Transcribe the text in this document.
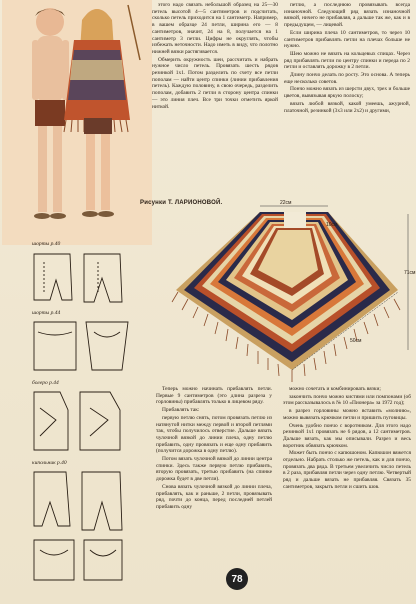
этого надо связать небольшой образец на 25—30 петель высотой 4—5 сантиметров и подсчитать, сколько петель приходится на 1 сантиметр. Например, в вашем образце 24 петли, ширина его — 8 сантиметров, значит, 24 на 8, получается на 1 сантиметр 3 петли. Цифры не округлять, чтобы избежать неточности. Надо иметь в виду, что полотно нижней вязки растягивается.

Обмерить окружность шеи, рассчитать и набрать нужное число петель. Провязать шесть рядов резинкой 1х1. Потом разделить по счету все петли пополам — найти центр спинки (линии прибавления петель). Каждую половину, в свою очередь, разделить пополам, добавить 2 петли в сторону центра спинки — это линия плеч. Все три точки отметить яркой ниткой.

петлю, а последнюю провязывать всегда изнаночной. Следующий ряд вязать изнаночной вязкой, ничего не прибавляя, а дальше так же, как и в предыдущем, — лицевой.

Если ширина плеча 10 сантиметров, то через 10 сантиметров прибавлять петли на плечах больше не нужно.

Шею можно не вязать на кольцевых спицах. Через ряд прибавлять петли по центру спинки и переда по 2 петли и оставлять дорожку в 2 петли.

Длину пончо делать по росту. Это основа. А теперь еще несколько советов.

Пончо можно вязать из шерсти двух, трех и больше цветов, вывязывая яркую полоску;

вязать любой вязкой, какой умеешь, ажурной, платочной, резинкой (3х3 или 2х2) и другими,

Рисунки Т. ЛАРИОНОВОЙ.	22см
10см
71см
50см
шорты р.40
шорты р.44
болеро р.44
кипольник р.40

Теперь можно начинать прибавлять петли. Первые 9 сантиметров (это длина разреза у горловины) прибавлять только в лицевом ряду.

Прибавлять так:

первую петлю снять, потом провязать петлю из натянутой нитки между первой и второй петлями так, чтобы получилось отверстие. Дальше вязать чулочной вязкой до линии плеча, одну петлю прибавить, одну провязать и еще одну прибавить (получится дорожка в одну петлю).

Потом вязать чулочной вязкой до линии центра спинки. Здесь также первую петлю прибавить, вторую провязать, третью прибавить (на спинке дорожка будет в две петли).

Снова вязать чулочной вязкой до линии плеча, прибавлять, как и раньше, 2 петли, провязывать ряд, почти до конца, перед последней петлей прибавить одну

можно сочетать и комбинировать вязки;

закончить пончо можно кистями или помпонами (об этом рассказывалось в № 10 «Пионера» за 1972 год);

в разрез горловины можно вставить «молнию», можно вывязать крючком петли и пришить пуговицы.

Очень удобно пончо с воротником. Для этого надо резинкой 1х1 провязать не 6 рядов, а 12 сантиметров. Дальше вязать, как мы описывали. Разрез и весь воротник обвязать крючком.

Может быть пончо с капюшоном. Капюшон вяжется отдельно. Набрать столько же петель, как и для пончо, провязать два ряда. В третьем увеличить число петель в 2 раза, прибавляя петли через одну петлю. Четвертый ряд и дальше вязать не прибавляя. Связать 35 сантиметров, закрыть петли и сшить шов.

78
